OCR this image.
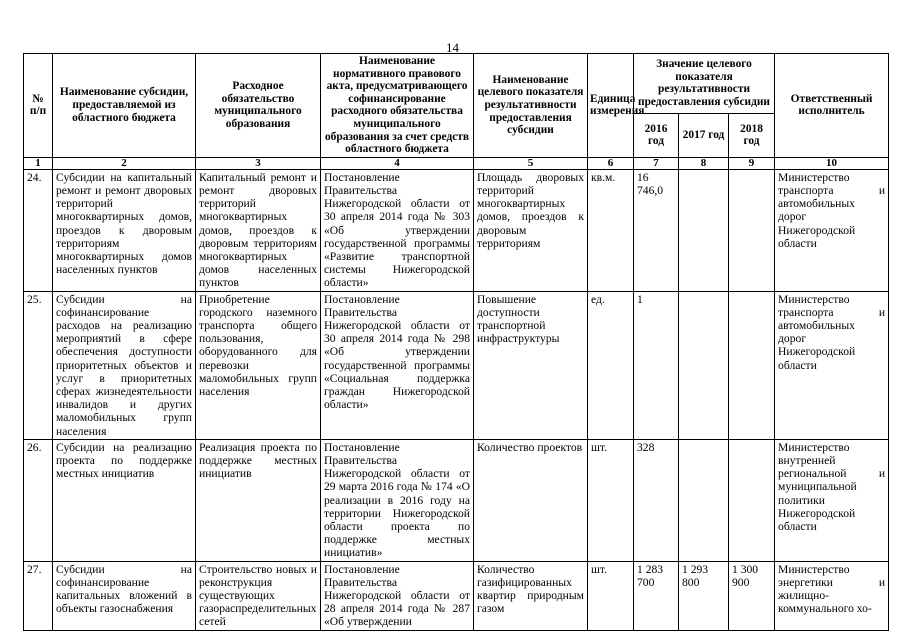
14
№ п/п	Наименование субсидии, предоставляемой из областного бюджета	Расходное обязательство муниципального образования	Наименование нормативного правового акта, предусматривающего софинансирование расходного обязательства муниципального образования за счет средств областного бюджета	Наименование целевого показателя результативности предоставления субсидии	Единица измерения	Значение целевого показателя результативности предоставления субсидии			Ответственный исполнитель
						2016 год	2017 год	2018 год	
1	2	3	4	5	6	7	8	9	10
24.	Субсидии на капитальный ремонт и ремонт дворовых территорий многоквартирных домов, проездов к дворовым территориям многоквартирных домов населенных пунктов	Капитальный ремонт и ремонт дворовых территорий многоквартирных домов, проездов к дворовым территориям многоквартирных домов населенных пунктов	Постановление Правительства Нижегородской области от 30 апреля 2014 года № 303 «Об утверждении государственной программы «Развитие транспортной системы Нижегородской области»	Площадь дворовых территорий многоквартирных домов, проездов к дворовым территориям	кв.м.	16 746,0			Министерство транспорта и автомобильных дорог Нижегородской области
25.	Субсидии на софинансирование расходов на реализацию мероприятий в сфере обеспечения доступности приоритетных объектов и услуг в приоритетных сферах жизнедеятельности инвалидов и других маломобильных групп населения	Приобретение городского наземного транспорта общего пользования, оборудованного для перевозки маломобильных групп населения	Постановление Правительства Нижегородской области от 30 апреля 2014 года № 298 «Об утверждении государственной программы «Социальная поддержка граждан Нижегородской области»	Повышение доступности транспортной инфраструктуры	ед.	1			Министерство транспорта и автомобильных дорог Нижегородской области
26.	Субсидии на реализацию проекта по поддержке местных инициатив	Реализация проекта по поддержке местных инициатив	Постановление Правительства Нижегородской области от 29 марта 2016 года № 174 «О реализации в 2016 году на территории Нижегородской области проекта по поддержке местных инициатив»	Количество проектов	шт.	328			Министерство внутренней региональной и муниципальной политики Нижегородской области
27.	Субсидии на софинансирование капитальных вложений в объекты газоснабжения	Строительство новых и реконструкция существующих газораспределительных сетей	Постановление Правительства Нижегородской области от 28 апреля 2014 года № 287 «Об утверждении	Количество газифицированных квартир природным газом	шт.	1 283 700	1 293 800	1 300 900	Министерство энергетики и жилищно-коммунального хо-
